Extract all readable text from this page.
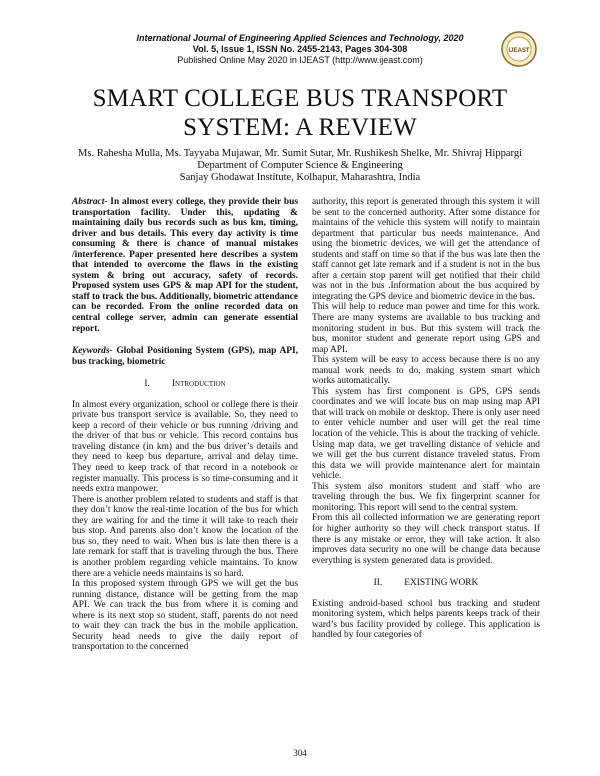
International Journal of Engineering Applied Sciences and Technology, 2020
Vol. 5, Issue 1, ISSN No. 2455-2143, Pages 304-308
Published Online May 2020 in IJEAST (http://www.ijeast.com)
IJEAST
SMART COLLEGE BUS TRANSPORT
SYSTEM: A REVIEW
Ms. Rahesha Mulla, Ms. Tayyaba Mujawar, Mr. Sumit Sutar, Mr. Rushikesh Shelke, Mr. Shivraj Hippargi
Department of Computer Science & Engineering
Sanjay Ghodawat Institute, Kolhapur, Maharashtra, India

Abstract- In almost every college, they provide their bus transportation facility. Under this, updating & maintaining daily bus records such as bus km, timing, driver and bus details. This every day activity is time consuming & there is chance of manual mistakes /interference. Paper presented here describes a system that intended to overcome the flaws in the existing system & bring out accuracy, safety of records. Proposed system uses GPS & map API for the student, staff to track the bus. Additionally, biometric attendance can be recorded. From the online recorded data on central college server, admin can generate essential report.

Keywords- Global Positioning System (GPS), map API, bus tracking, biometric

I. Introduction

In almost every organization, school or college there is their private bus transport service is available. So, they need to keep a record of their vehicle or bus running /driving and the driver of that bus or vehicle. This record contains bus traveling distance (in km) and the bus driver’s details and they need to keep bus departure, arrival and delay time. They need to keep track of that record in a notebook or register manually. This process is so time-consuming and it needs extra manpower.

There is another problem related to students and staff is that they don’t know the real-time location of the bus for which they are waiting for and the time it will take to reach their bus stop. And parents also don’t know the location of the bus so, they need to wait. When bus is late then there is a late remark for staff that is traveling through the bus. There is another problem regarding vehicle maintains. To know there are a vehicle needs maintains is so hard.

In this proposed system through GPS we will get the bus running distance, distance will be getting from the map API. We can track the bus from where it is coming and where is its next stop so student, staff, parents do not need to wait they can track the bus in the mobile application. Security head needs to give the daily report of transportation to the concerned

authority, this report is generated through this system it will be sent to the concerned authority. After some distance for maintains of the vehicle this system will notify to maintain department that particular bus needs maintenance. And using the biometric devices, we will get the attendance of students and staff on time so that if the bus was late then the staff cannot get late remark and if a student is not in the bus after a certain stop parent will get notified that their child was not in the bus .Information about the bus acquired by integrating the GPS device and biometric device in the bus.

This will help to reduce man power and time for this work. There are many systems are available to bus tracking and monitoring student in bus. But this system will track the bus, monitor student and generate report using GPS and map API.

This system will be easy to access because there is no any manual work needs to do, making system smart which works automatically.

This system has first component is GPS, GPS sends coordinates and we will locate bus on map using map API that will track on mobile or desktop. There is only user need to enter vehicle number and user will get the real time location of the vehicle. This is about the tracking of vehicle. Using map data, we get travelling distance of vehicle and we will get the bus current distance traveled status. From this data we will provide maintenance alert for maintain vehicle.

This system also monitors student and staff who are traveling through the bus. We fix fingerprint scanner for monitoring. This report will send to the central system.

From this all collected information we are generating report for higher authority so they will check transport status. If there is any mistake or error, they will take action. It also improves data security no one will be change data because everything is system generated data is provided.

II. EXISTING WORK

Existing android-based school bus tracking and student monitoring system, which helps parents keeps track of their ward’s bus facility provided by college. This application is handled by four categories of

304
